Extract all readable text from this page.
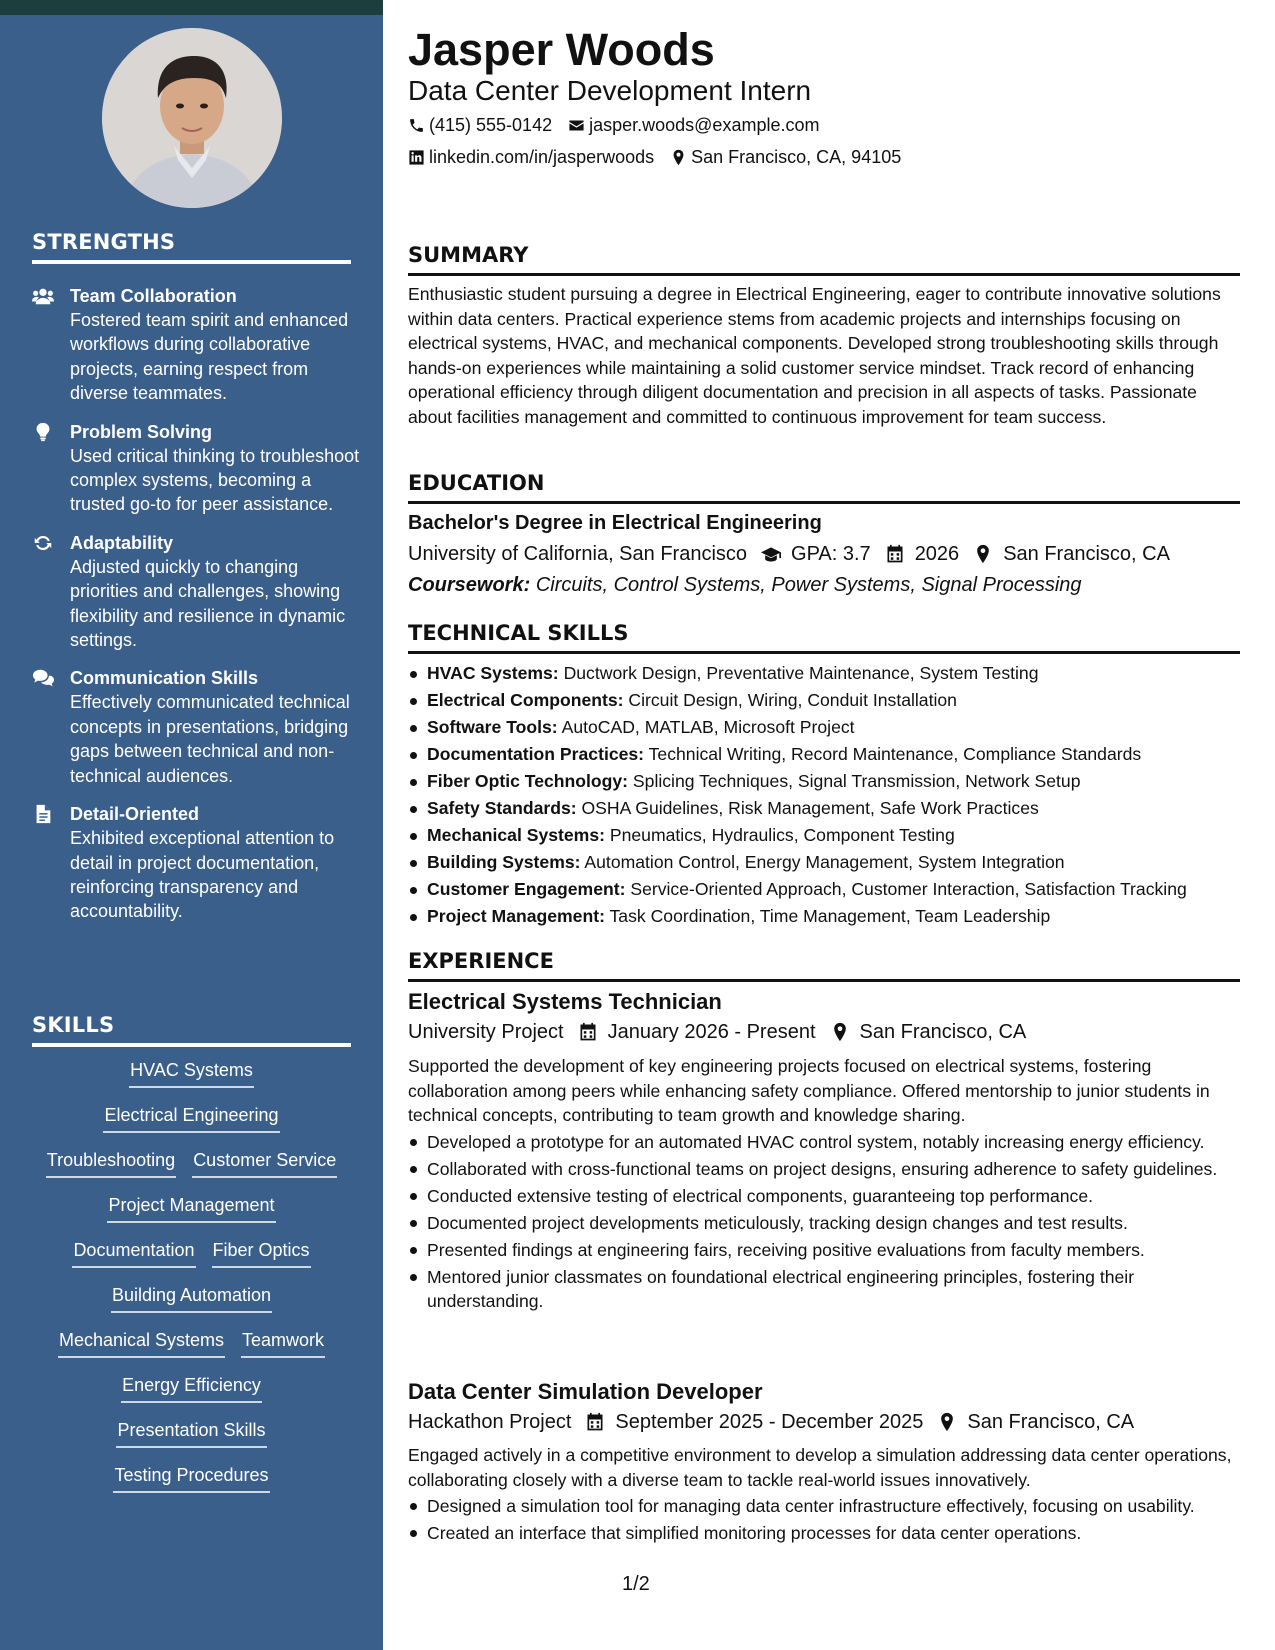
STRENGTHS
Team Collaboration
Fostered team spirit and enhanced workflows during collaborative projects, earning respect from diverse teammates.
Problem Solving
Used critical thinking to troubleshoot complex systems, becoming a trusted go-to for peer assistance.
Adaptability
Adjusted quickly to changing priorities and challenges, showing flexibility and resilience in dynamic settings.
Communication Skills
Effectively communicated technical concepts in presentations, bridging gaps between technical and non-technical audiences.
Detail-Oriented
Exhibited exceptional attention to detail in project documentation, reinforcing transparency and accountability.
SKILLS
HVAC Systems
Electrical Engineering
Troubleshooting Customer Service
Project Management
Documentation Fiber Optics
Building Automation
Mechanical Systems Teamwork
Energy Efficiency
Presentation Skills
Testing Procedures
Jasper Woods
Data Center Development Intern
(415) 555-0142 jasper.woods@example.com
linkedin.com/in/jasperwoods San Francisco, CA, 94105
SUMMARY
Enthusiastic student pursuing a degree in Electrical Engineering, eager to contribute innovative solutions within data centers. Practical experience stems from academic projects and internships focusing on electrical systems, HVAC, and mechanical components. Developed strong troubleshooting skills through hands-on experiences while maintaining a solid customer service mindset. Track record of enhancing operational efficiency through diligent documentation and precision in all aspects of tasks. Passionate about facilities management and committed to continuous improvement for team success.
EDUCATION
Bachelor's Degree in Electrical Engineering
University of California, San Francisco GPA: 3.7 2026 San Francisco, CA
Coursework: Circuits, Control Systems, Power Systems, Signal Processing
TECHNICAL SKILLS
HVAC Systems: Ductwork Design, Preventative Maintenance, System Testing
Electrical Components: Circuit Design, Wiring, Conduit Installation
Software Tools: AutoCAD, MATLAB, Microsoft Project
Documentation Practices: Technical Writing, Record Maintenance, Compliance Standards
Fiber Optic Technology: Splicing Techniques, Signal Transmission, Network Setup
Safety Standards: OSHA Guidelines, Risk Management, Safe Work Practices
Mechanical Systems: Pneumatics, Hydraulics, Component Testing
Building Systems: Automation Control, Energy Management, System Integration
Customer Engagement: Service-Oriented Approach, Customer Interaction, Satisfaction Tracking
Project Management: Task Coordination, Time Management, Team Leadership
EXPERIENCE
Electrical Systems Technician
University Project January 2026 - Present San Francisco, CA
Supported the development of key engineering projects focused on electrical systems, fostering collaboration among peers while enhancing safety compliance. Offered mentorship to junior students in technical concepts, contributing to team growth and knowledge sharing.
Developed a prototype for an automated HVAC control system, notably increasing energy efficiency.
Collaborated with cross-functional teams on project designs, ensuring adherence to safety guidelines.
Conducted extensive testing of electrical components, guaranteeing top performance.
Documented project developments meticulously, tracking design changes and test results.
Presented findings at engineering fairs, receiving positive evaluations from faculty members.
Mentored junior classmates on foundational electrical engineering principles, fostering their understanding.
Data Center Simulation Developer
Hackathon Project September 2025 - December 2025 San Francisco, CA
Engaged actively in a competitive environment to develop a simulation addressing data center operations, collaborating closely with a diverse team to tackle real-world issues innovatively.
Designed a simulation tool for managing data center infrastructure effectively, focusing on usability.
Created an interface that simplified monitoring processes for data center operations.
1/2
